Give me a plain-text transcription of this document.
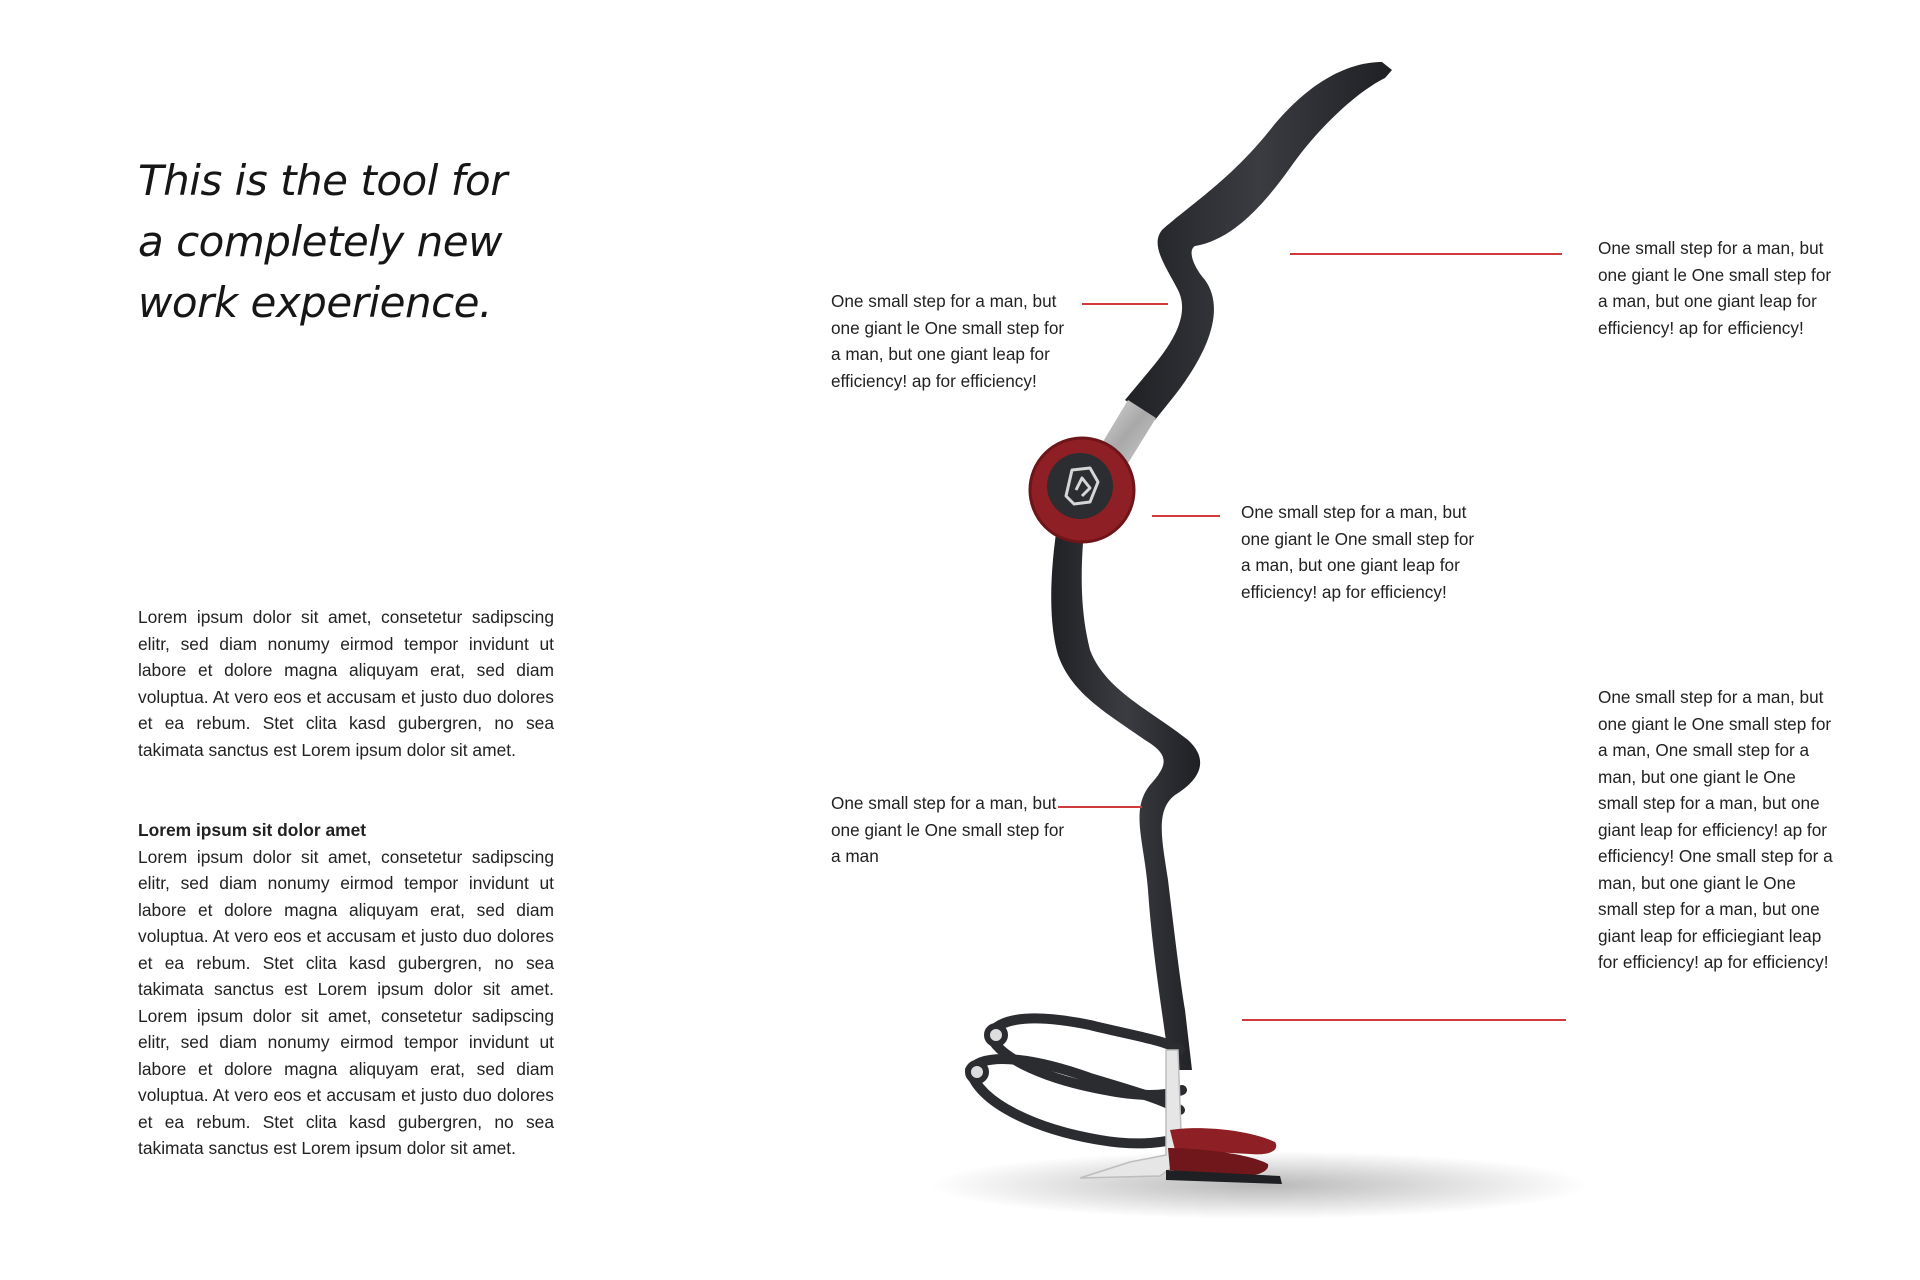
This is the tool for
a completely new
work experience.

Lorem ipsum dolor sit amet, consetetur sadipscing elitr, sed diam nonumy eirmod tempor invidunt ut labore et dolore magna aliquyam erat, sed diam voluptua. At vero eos et accusam et justo duo dolores et ea rebum. Stet clita kasd gubergren, no sea takimata sanctus est Lorem ipsum dolor sit amet.

Lorem ipsum sit dolor amet

Lorem ipsum dolor sit amet, consetetur sadipscing elitr, sed diam nonumy eirmod tempor invidunt ut labore et dolore magna aliquyam erat, sed diam voluptua. At vero eos et accusam et justo duo dolores et ea rebum. Stet clita kasd gubergren, no sea takimata sanctus est Lorem ipsum dolor sit amet. Lorem ipsum dolor sit amet, consetetur sadipscing elitr, sed diam nonumy eirmod tempor invidunt ut labore et dolore magna aliquyam erat, sed diam voluptua. At vero eos et accusam et justo duo dolores et ea rebum. Stet clita kasd gubergren, no sea takimata sanctus est Lorem ipsum dolor sit amet.

One small step for a man, but one giant le One small step for a man, but one giant leap for efficiency! ap for efficiency!

One small step for a man, but one giant le One small step for a man, but one giant leap for efficiency! ap for efficiency!

One small step for a man, but one giant le One small step for a man, but one giant leap for efficiency! ap for efficiency!

One small step for a man, but one giant le One small step for a man

One small step for a man, but one giant le One small step for a man, One small step for a man, but one giant le One small step for a man, but one giant leap for efficiency! ap for efficiency! One small step for a man, but one giant le One small step for a man, but one giant leap for efficiegiant leap for efficiency! ap for efficiency!
